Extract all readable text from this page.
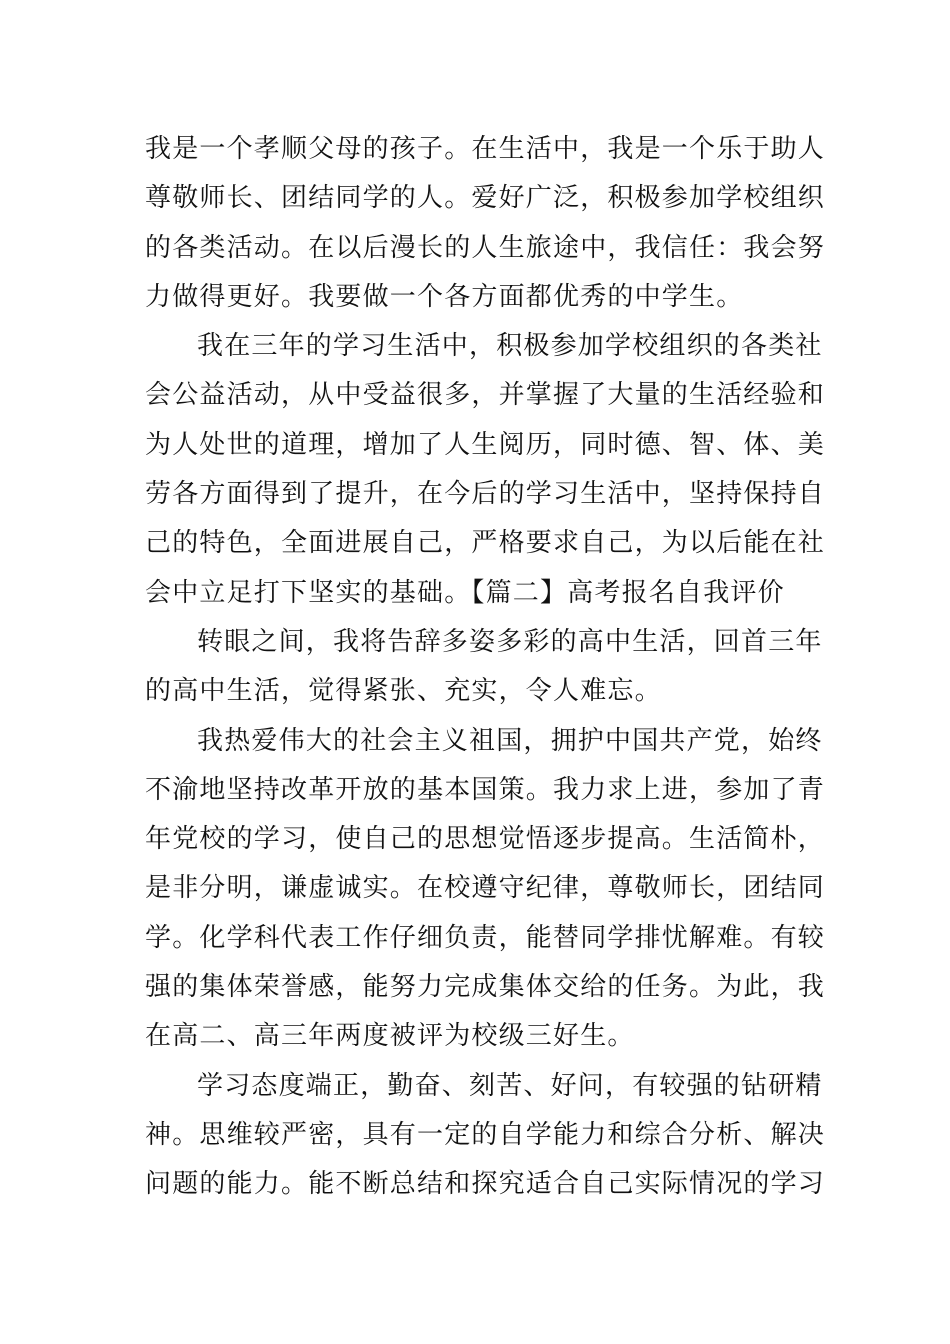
我是一个孝顺父母的孩子。在生活中，我是一个乐于助人
尊敬师长、团结同学的人。爱好广泛，积极参加学校组织
的各类活动。在以后漫长的人生旅途中，我信任：我会努
力做得更好。我要做一个各方面都优秀的中学生。

我在三年的学习生活中，积极参加学校组织的各类社
会公益活动，从中受益很多，并掌握了大量的生活经验和
为人处世的道理，增加了人生阅历，同时德、智、体、美
劳各方面得到了提升，在今后的学习生活中，坚持保持自
己的特色，全面进展自己，严格要求自己，为以后能在社
会中立足打下坚实的基础。【篇二】高考报名自我评价

转眼之间，我将告辞多姿多彩的高中生活，回首三年
的高中生活，觉得紧张、充实，令人难忘。

我热爱伟大的社会主义祖国，拥护中国共产党，始终
不渝地坚持改革开放的基本国策。我力求上进，参加了青
年党校的学习，使自己的思想觉悟逐步提高。生活简朴，
是非分明，谦虚诚实。在校遵守纪律，尊敬师长，团结同
学。化学科代表工作仔细负责，能替同学排忧解难。有较
强的集体荣誉感，能努力完成集体交给的任务。为此，我
在高二、高三年两度被评为校级三好生。

学习态度端正，勤奋、刻苦、好问，有较强的钻研精
神。思维较严密，具有一定的自学能力和综合分析、解决
问题的能力。能不断总结和探究适合自己实际情况的学习
